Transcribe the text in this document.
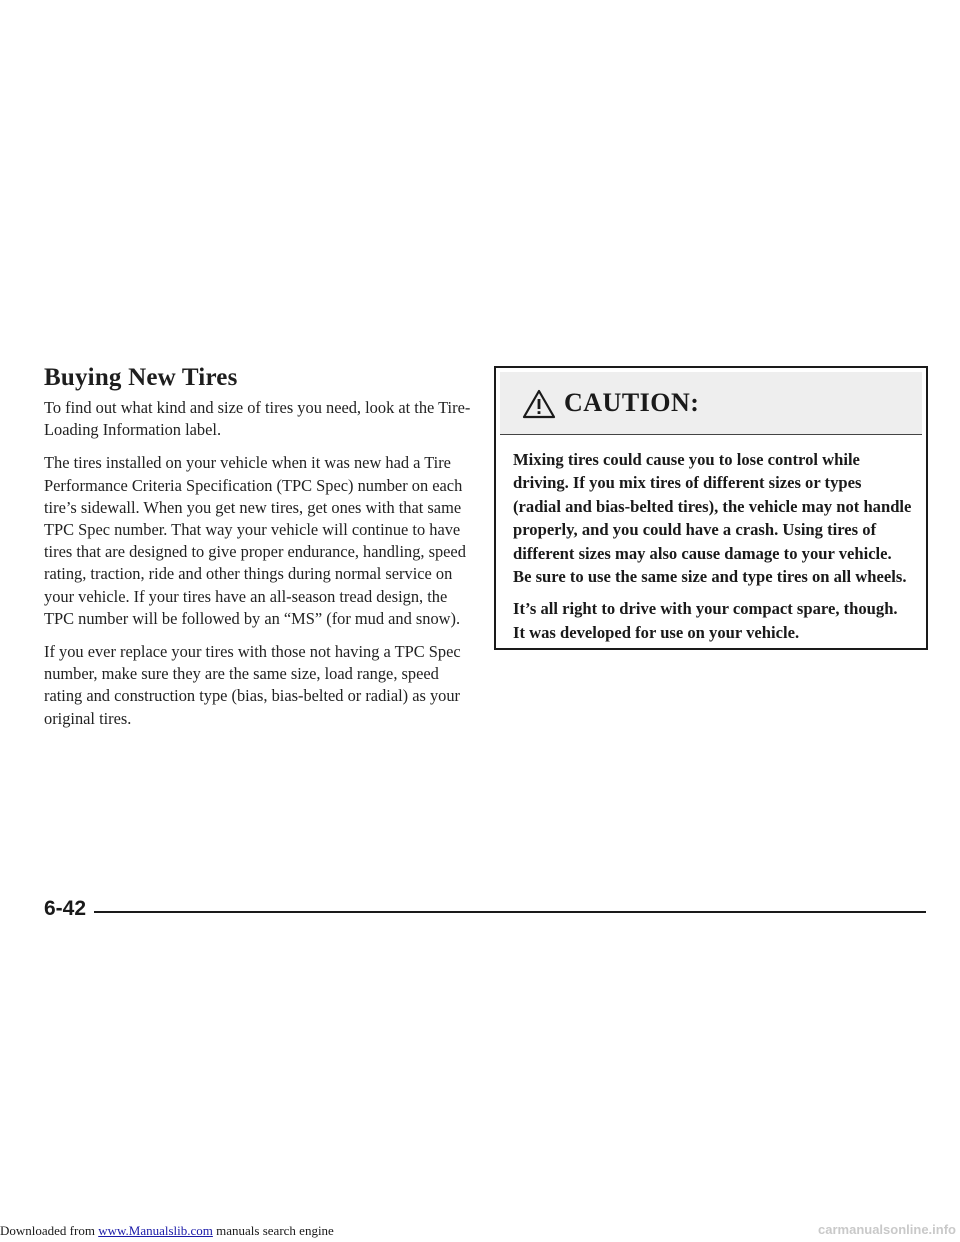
Buying New Tires

To find out what kind and size of tires you need, look at the Tire-Loading Information label.

The tires installed on your vehicle when it was new had a Tire Performance Criteria Specification (TPC Spec) number on each tire’s sidewall. When you get new tires, get ones with that same TPC Spec number. That way your vehicle will continue to have tires that are designed to give proper endurance, handling, speed rating, traction, ride and other things during normal service on your vehicle. If your tires have an all-season tread design, the TPC number will be followed by an “MS” (for mud and snow).

If you ever replace your tires with those not having a TPC Spec number, make sure they are the same size, load range, speed rating and construction type (bias, bias-belted or radial) as your original tires.

CAUTION:

Mixing tires could cause you to lose control while driving. If you mix tires of different sizes or types (radial and bias-belted tires), the vehicle may not handle properly, and you could have a crash. Using tires of different sizes may also cause damage to your vehicle. Be sure to use the same size and type tires on all wheels.

It’s all right to drive with your compact spare, though. It was developed for use on your vehicle.

6-42
Downloaded from www.Manualslib.com manuals search engine	carmanualsonline.info
